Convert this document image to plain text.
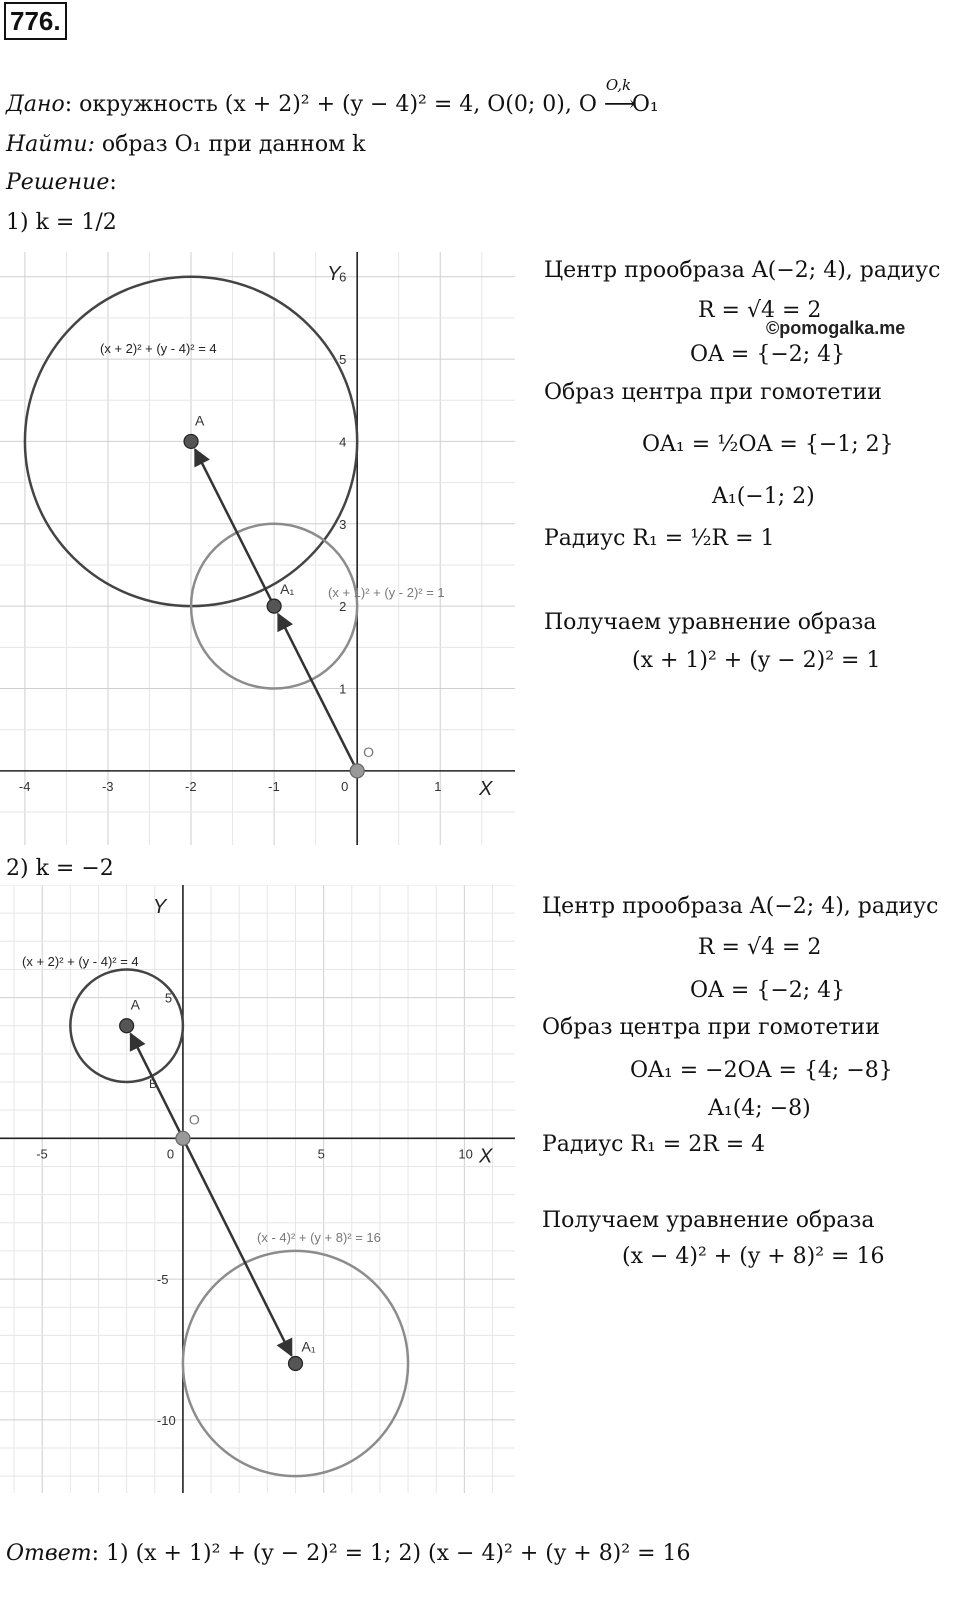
776.
Дано: окружность (x + 2)² + (y − 4)² = 4, O(0; 0), O
O,k
⟶O₁
Найти: образ O₁ при данном k
Решение:
1) k = 1/2
X
Y
-4	-3	-2	-1	0	1
1
2
3
4
5
6
(x + 2)² + (y - 4)² = 4
(x + 1)² + (y - 2)² = 1
A
A₁
O
Центр прообраза A(−2; 4), радиус
R = √4 = 2
©pomogalka.me
OA = {−2; 4}
Образ центра при гомотетии
OA₁ = ½OA = {−1; 2}
A₁(−1; 2)
Радиус R₁ = ½R = 1
Получаем уравнение образа
(x + 1)² + (y − 2)² = 1
2) k = −2
X
Y
-5	0	5	10
5
-5
-10
(x + 2)² + (y - 4)² = 4
(x - 4)² + (y + 8)² = 16
A
A₁
O
B
Центр прообраза A(−2; 4), радиус
R = √4 = 2
OA = {−2; 4}
Образ центра при гомотетии
OA₁ = −2OA = {4; −8}
A₁(4; −8)
Радиус R₁ = 2R = 4
Получаем уравнение образа
(x − 4)² + (y + 8)² = 16
Ответ: 1) (x + 1)² + (y − 2)² = 1; 2) (x − 4)² + (y + 8)² = 16
